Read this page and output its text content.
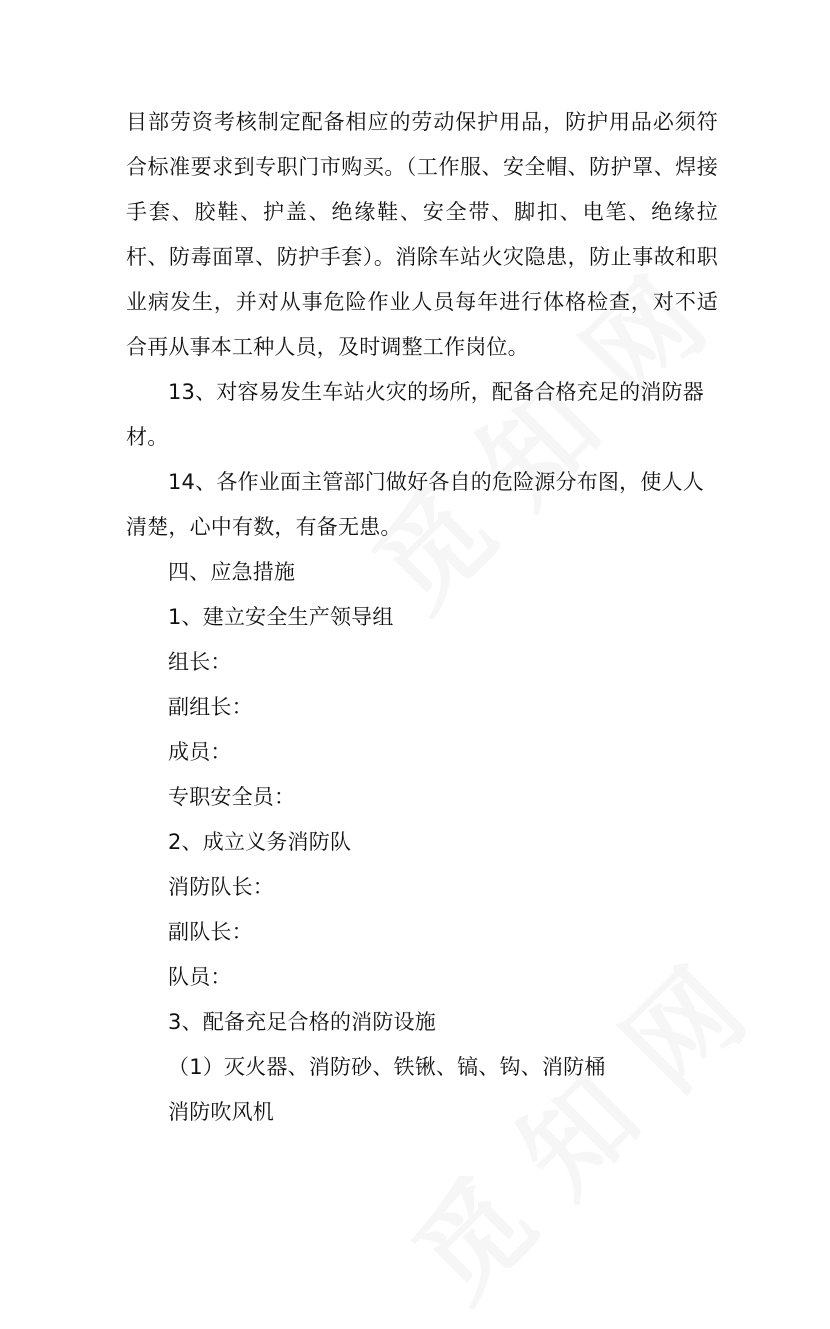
目部劳资考核制定配备相应的劳动保护用品，防护用品必须符合标准要求到专职门市购买。（工作服、安全帽、防护罩、焊接手套、胶鞋、护盖、绝缘鞋、安全带、脚扣、电笔、绝缘拉杆、防毒面罩、防护手套）。消除车站火灾隐患，防止事故和职业病发生，并对从事危险作业人员每年进行体格检查，对不适合再从事本工种人员，及时调整工作岗位。

13、对容易发生车站火灾的场所，配备合格充足的消防器材。

14、各作业面主管部门做好各自的危险源分布图，使人人清楚，心中有数，有备无患。

四、应急措施

1、建立安全生产领导组

组长：

副组长：

成员：

专职安全员：

2、成立义务消防队

消防队长：

副队长：

队员：

3、配备充足合格的消防设施

（1）灭火器、消防砂、铁锹、镐、钩、消防桶

消防吹风机
